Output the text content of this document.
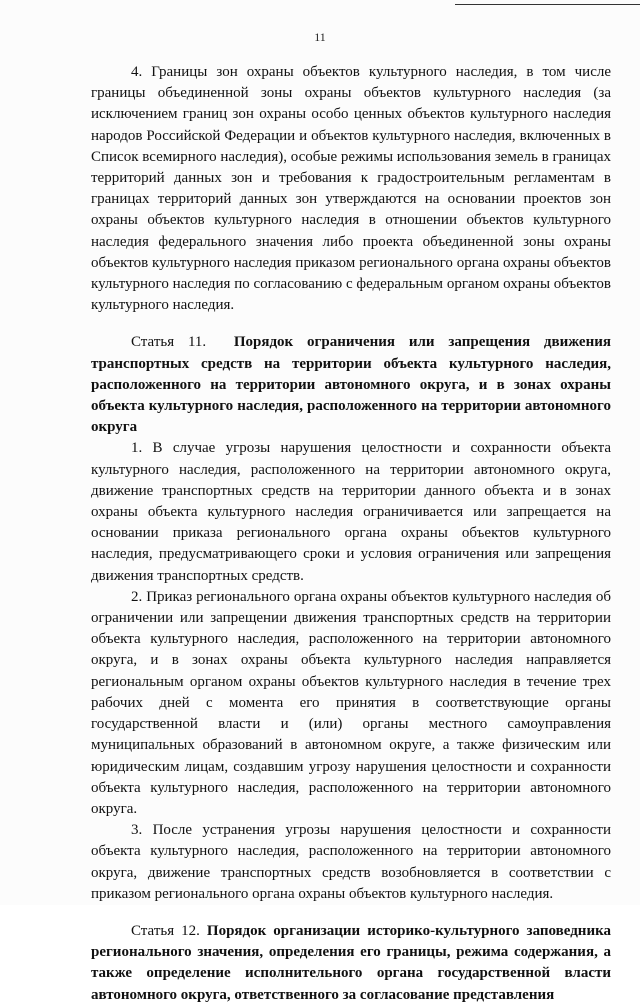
11

4. Границы зон охраны объектов культурного наследия, в том числе границы объединенной зоны охраны объектов культурного наследия (за исключением границ зон охраны особо ценных объектов культурного наследия народов Российской Федерации и объектов культурного наследия, включенных в Список всемирного наследия), особые режимы использования земель в границах территорий данных зон и требования к градостроительным регламентам в границах территорий данных зон утверждаются на основании проектов зон охраны объектов культурного наследия в отношении объектов культурного наследия федерального значения либо проекта объединенной зоны охраны объектов культурного наследия приказом регионального органа охраны объектов культурного наследия по согласованию с федеральным органом охраны объектов культурного наследия.

Статья 11. Порядок ограничения или запрещения движения транспортных средств на территории объекта культурного наследия, расположенного на территории автономного округа, и в зонах охраны объекта культурного наследия, расположенного на территории автономного округа

1. В случае угрозы нарушения целостности и сохранности объекта культурного наследия, расположенного на территории автономного округа, движение транспортных средств на территории данного объекта и в зонах охраны объекта культурного наследия ограничивается или запрещается на основании приказа регионального органа охраны объектов культурного наследия, предусматривающего сроки и условия ограничения или запрещения движения транспортных средств.

2. Приказ регионального органа охраны объектов культурного наследия об ограничении или запрещении движения транспортных средств на территории объекта культурного наследия, расположенного на территории автономного округа, и в зонах охраны объекта культурного наследия направляется региональным органом охраны объектов культурного наследия в течение трех рабочих дней с момента его принятия в соответствующие органы государственной власти и (или) органы местного самоуправления муниципальных образований в автономном округе, а также физическим или юридическим лицам, создавшим угрозу нарушения целостности и сохранности объекта культурного наследия, расположенного на территории автономного округа.

3. После устранения угрозы нарушения целостности и сохранности объекта культурного наследия, расположенного на территории автономного округа, движение транспортных средств возобновляется в соответствии с приказом регионального органа охраны объектов культурного наследия.

Статья 12. Порядок организации историко-культурного заповедника регионального значения, определения его границы, режима содержания, а также определение исполнительного органа государственной власти автономного округа, ответственного за согласование представления
